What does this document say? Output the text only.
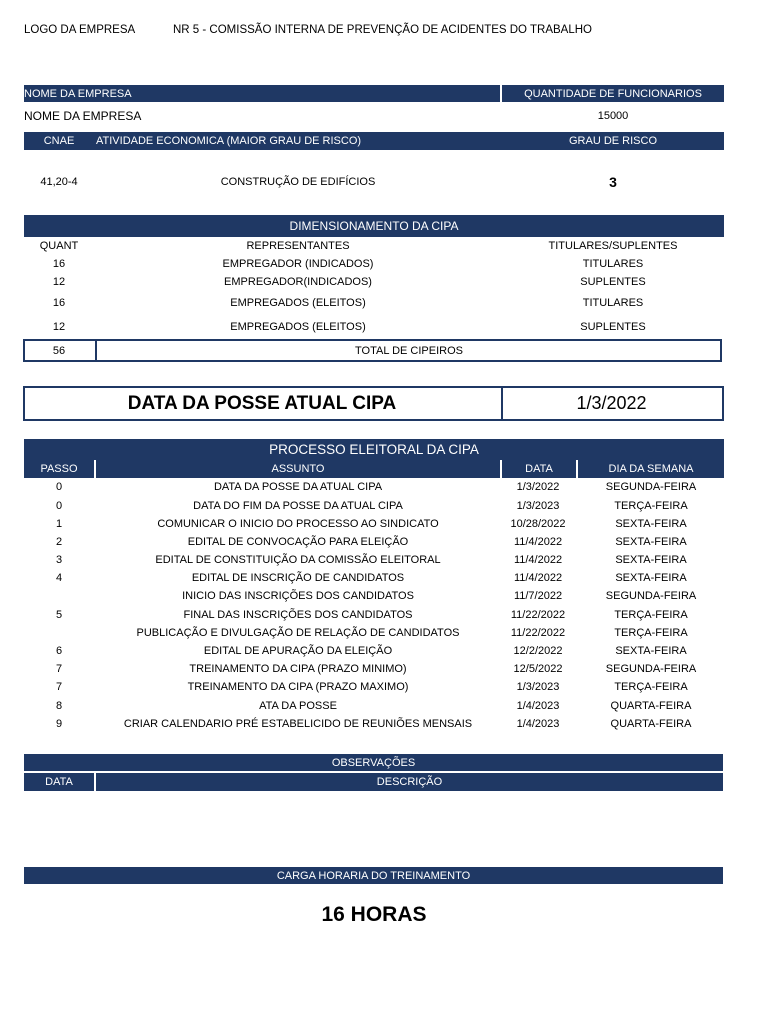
LOGO DA EMPRESA	NR 5 - COMISSÃO INTERNA DE PREVENÇÃO DE ACIDENTES DO TRABALHO
NOME DA EMPRESA	QUANTIDADE DE FUNCIONARIOS
NOME DA EMPRESA	15000
CNAE	ATIVIDADE ECONOMICA (MAIOR GRAU DE RISCO)	GRAU DE RISCO
41,20-4	CONSTRUÇÃO DE EDIFÍCIOS	3
DIMENSIONAMENTO DA CIPA
QUANT	REPRESENTANTES	TITULARES/SUPLENTES
16	EMPREGADOR (INDICADOS)	TITULARES
12	EMPREGADOR(INDICADOS)	SUPLENTES
16	EMPREGADOS (ELEITOS)	TITULARES
12	EMPREGADOS (ELEITOS)	SUPLENTES
56	TOTAL DE CIPEIROS
DATA DA POSSE ATUAL CIPA	1/3/2022
PROCESSO ELEITORAL DA CIPA
PASSO	ASSUNTO	DATA	DIA DA SEMANA
0	DATA DA POSSE DA ATUAL CIPA	1/3/2022	SEGUNDA-FEIRA
0	DATA DO FIM DA POSSE DA ATUAL CIPA	1/3/2023	TERÇA-FEIRA
1	COMUNICAR O INICIO DO PROCESSO AO SINDICATO	10/28/2022	SEXTA-FEIRA
2	EDITAL DE CONVOCAÇÃO PARA ELEIÇÃO	11/4/2022	SEXTA-FEIRA
3	EDITAL DE CONSTITUIÇÃO DA COMISSÃO ELEITORAL	11/4/2022	SEXTA-FEIRA
4	EDITAL DE INSCRIÇÃO DE CANDIDATOS	11/4/2022	SEXTA-FEIRA
INICIO DAS INSCRIÇÕES DOS CANDIDATOS	11/7/2022	SEGUNDA-FEIRA
5	FINAL DAS INSCRIÇÕES DOS CANDIDATOS	11/22/2022	TERÇA-FEIRA
PUBLICAÇÃO E DIVULGAÇÃO DE RELAÇÃO DE CANDIDATOS	11/22/2022	TERÇA-FEIRA
6	EDITAL DE APURAÇÃO DA ELEIÇÃO	12/2/2022	SEXTA-FEIRA
7	TREINAMENTO DA CIPA (PRAZO MINIMO)	12/5/2022	SEGUNDA-FEIRA
7	TREINAMENTO DA CIPA (PRAZO MAXIMO)	1/3/2023	TERÇA-FEIRA
8	ATA DA POSSE	1/4/2023	QUARTA-FEIRA
9	CRIAR CALENDARIO PRÉ ESTABELICIDO DE REUNIÕES MENSAIS	1/4/2023	QUARTA-FEIRA
OBSERVAÇÕES
DATA	DESCRIÇÃO
CARGA HORARIA DO TREINAMENTO
16 HORAS
